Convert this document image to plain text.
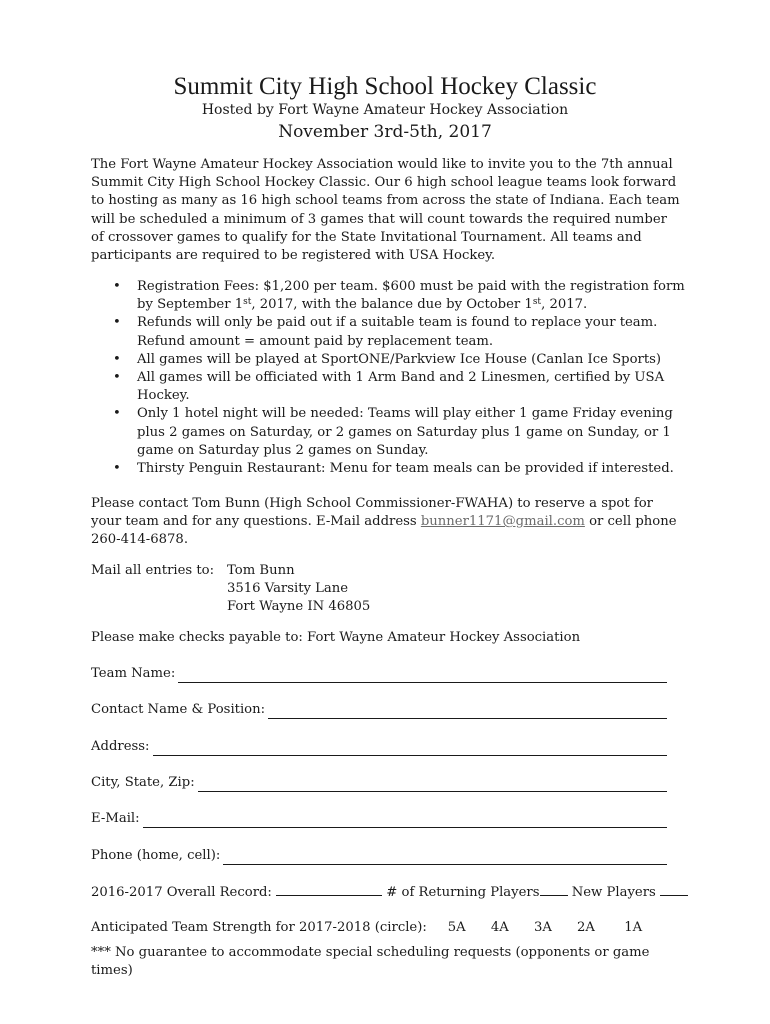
Summit City High School Hockey Classic
Hosted by Fort Wayne Amateur Hockey Association
November 3rd-5th, 2017
The Fort Wayne Amateur Hockey Association would like to invite you to the 7th annual Summit City High School Hockey Classic. Our 6 high school league teams look forward to hosting as many as 16 high school teams from across the state of Indiana. Each team will be scheduled a minimum of 3 games that will count towards the required number of crossover games to qualify for the State Invitational Tournament. All teams and participants are required to be registered with USA Hockey.
• Registration Fees: $1,200 per team. $600 must be paid with the registration form by September 1st, 2017, with the balance due by October 1st, 2017.
• Refunds will only be paid out if a suitable team is found to replace your team. Refund amount = amount paid by replacement team.
• All games will be played at SportONE/Parkview Ice House (Canlan Ice Sports)
• All games will be officiated with 1 Arm Band and 2 Linesmen, certified by USA Hockey.
• Only 1 hotel night will be needed: Teams will play either 1 game Friday evening plus 2 games on Saturday, or 2 games on Saturday plus 1 game on Sunday, or 1 game on Saturday plus 2 games on Sunday.
• Thirsty Penguin Restaurant: Menu for team meals can be provided if interested.
Please contact Tom Bunn (High School Commissioner-FWAHA) to reserve a spot for your team and for any questions. E-Mail address bunner1171@gmail.com or cell phone 260-414-6878.
Mail all entries to: Tom Bunn
3516 Varsity Lane
Fort Wayne IN 46805
Please make checks payable to: Fort Wayne Amateur Hockey Association
Team Name:
Contact Name & Position:
Address:
City, State, Zip:
E-Mail:
Phone (home, cell):
2016-2017 Overall Record:	# of Returning Players New Players
Anticipated Team Strength for 2017-2018 (circle): 5A 4A 3A 2A 1A
*** No guarantee to accommodate special scheduling requests (opponents or game times)
